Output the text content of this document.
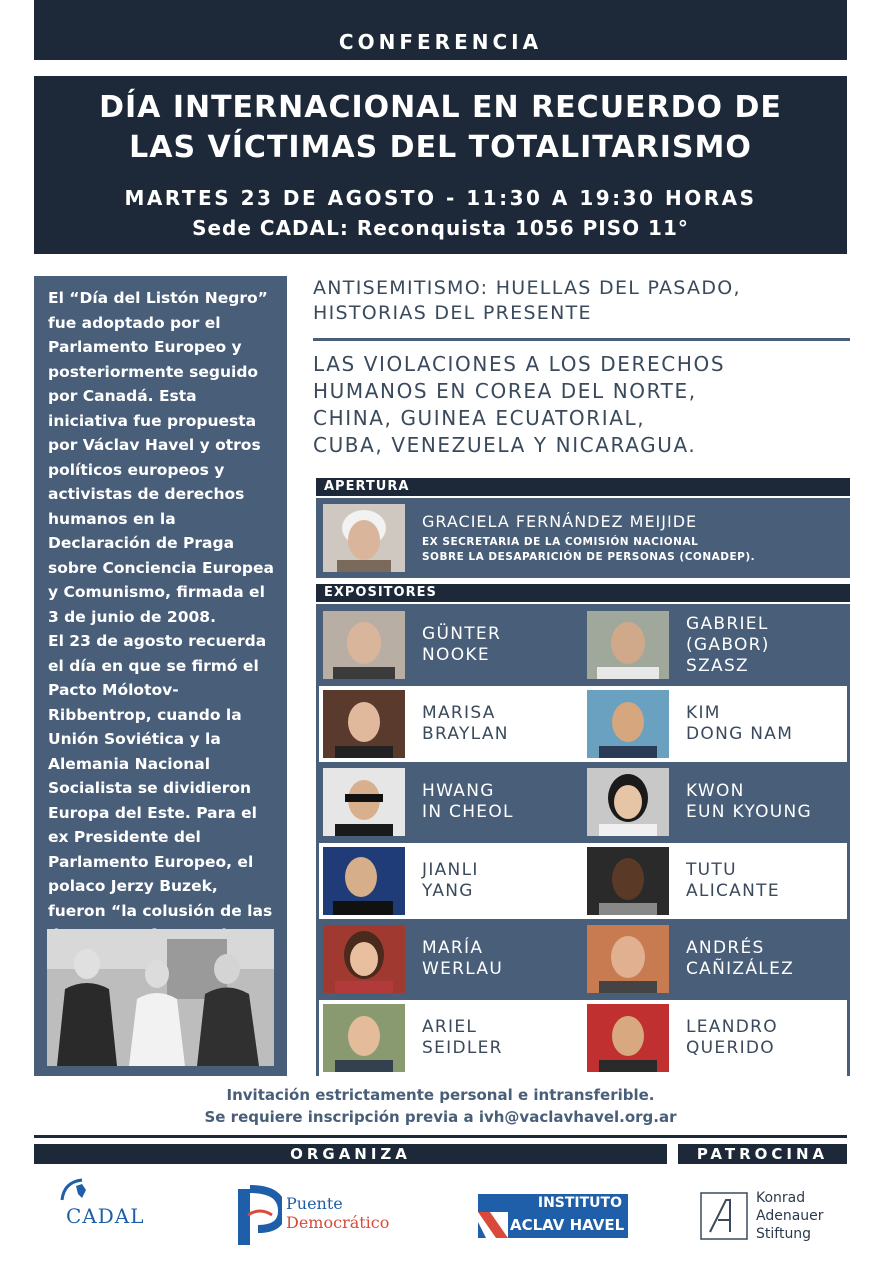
CONFERENCIA
DÍA INTERNACIONAL EN RECUERDO DE
LAS VÍCTIMAS DEL TOTALITARISMO
MARTES 23 DE AGOSTO - 11:30 A 19:30 HORAS
Sede CADAL: Reconquista 1056 PISO 11°

El “Día del Listón Negro” fue adoptado por el Parlamento Europeo y posteriormente seguido por Canadá. Esta iniciativa fue propuesta por Václav Havel y otros políticos europeos y activistas de derechos humanos en la Declaración de Praga sobre Conciencia Europea y Comunismo, firmada el 3 de junio de 2008.

El 23 de agosto recuerda el día en que se firmó el Pacto Mólotov-Ribbentrop, cuando la Unión Soviética y la Alemania Nacional Socialista se dividieron Europa del Este. Para el ex Presidente del Parlamento Europeo, el polaco Jerzy Buzek, fueron “la colusión de las

ANTISEMITISMO: HUELLAS DEL PASADO,
HISTORIAS DEL PRESENTE
LAS VIOLACIONES A LOS DERECHOS
HUMANOS EN COREA DEL NORTE,
CHINA, GUINEA ECUATORIAL,
CUBA, VENEZUELA Y NICARAGUA.
APERTURA
GRACIELA FERNÁNDEZ MEIJIDE
EX SECRETARIA DE LA COMISIÓN NACIONAL
SOBRE LA DESAPARICIÓN DE PERSONAS (CONADEP).
EXPOSITORES
GÜNTER
NOOKE
GABRIEL
(GABOR)
SZASZ
MARISA
BRAYLAN
KIM
DONG NAM
HWANG
IN CHEOL
KWON
EUN KYOUNG
JIANLI
YANG
TUTU
ALICANTE
MARÍA
WERLAU
ANDRÉS
CAÑIZÁLEZ
ARIEL
SEIDLER
LEANDRO
QUERIDO
Invitación estrictamente personal e intransferible.
Se requiere inscripción previa a ivh@vaclavhavel.org.ar
ORGANIZA	PATROCINA
CADAL
Puente
Democrático
INSTITUTO
ACLAV HAVEL
Konrad
Adenauer
Stiftung
